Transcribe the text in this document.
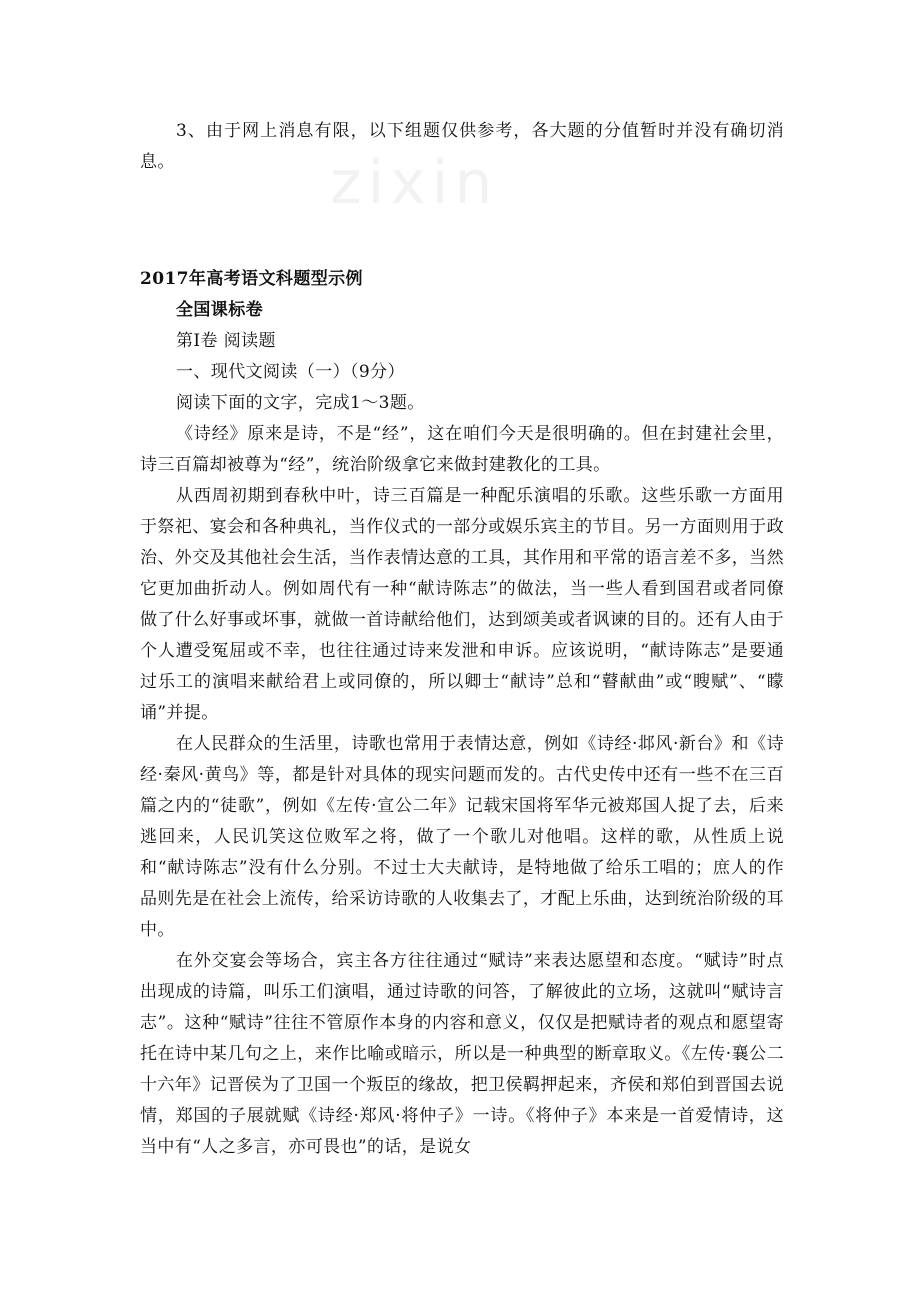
zixin

3、由于网上消息有限，以下组题仅供参考，各大题的分值暂时并没有确切消息。

2017年高考语文科题型示例

全国课标卷

第Ⅰ卷 阅读题

一、现代文阅读（一）（9分）

阅读下面的文字，完成1～3题。

《诗经》原来是诗，不是“经”，这在咱们今天是很明确的。但在封建社会里，诗三百篇却被尊为“经”，统治阶级拿它来做封建教化的工具。

从西周初期到春秋中叶，诗三百篇是一种配乐演唱的乐歌。这些乐歌一方面用于祭祀、宴会和各种典礼，当作仪式的一部分或娱乐宾主的节目。另一方面则用于政治、外交及其他社会生活，当作表情达意的工具，其作用和平常的语言差不多，当然它更加曲折动人。例如周代有一种“献诗陈志”的做法，当一些人看到国君或者同僚做了什么好事或坏事，就做一首诗献给他们，达到颂美或者讽谏的目的。还有人由于个人遭受冤屈或不幸，也往往通过诗来发泄和申诉。应该说明，“献诗陈志”是要通过乐工的演唱来献给君上或同僚的，所以卿士“献诗”总和“瞽献曲”或“瞍赋”、“矇诵”并提。

在人民群众的生活里，诗歌也常用于表情达意，例如《诗经·邶风·新台》和《诗经·秦风·黄鸟》等，都是针对具体的现实问题而发的。古代史传中还有一些不在三百篇之内的“徒歌”，例如《左传·宣公二年》记载宋国将军华元被郑国人捉了去，后来逃回来，人民讥笑这位败军之将，做了一个歌儿对他唱。这样的歌，从性质上说和“献诗陈志”没有什么分别。不过士大夫献诗，是特地做了给乐工唱的；庶人的作品则先是在社会上流传，给采访诗歌的人收集去了，才配上乐曲，达到统治阶级的耳中。

在外交宴会等场合，宾主各方往往通过“赋诗”来表达愿望和态度。“赋诗”时点出现成的诗篇，叫乐工们演唱，通过诗歌的问答，了解彼此的立场，这就叫“赋诗言志”。这种“赋诗”往往不管原作本身的内容和意义，仅仅是把赋诗者的观点和愿望寄托在诗中某几句之上，来作比喻或暗示，所以是一种典型的断章取义。《左传·襄公二十六年》记晋侯为了卫国一个叛臣的缘故，把卫侯羁押起来，齐侯和郑伯到晋国去说情，郑国的子展就赋《诗经·郑风·将仲子》一诗。《将仲子》本来是一首爱情诗，这当中有“人之多言，亦可畏也”的话，是说女
